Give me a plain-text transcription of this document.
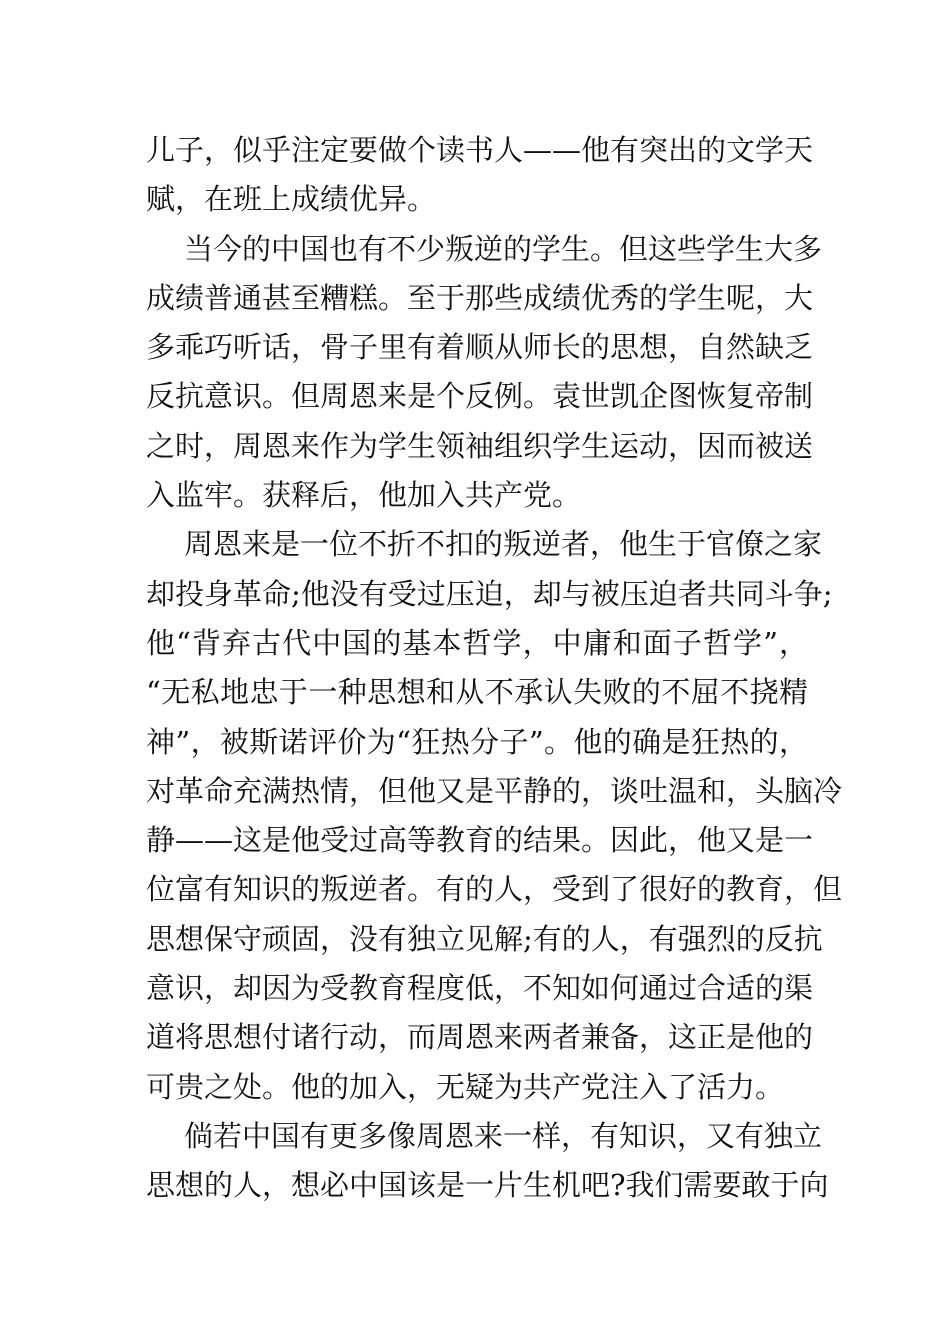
儿子，似乎注定要做个读书人——他有突出的文学天
赋，在班上成绩优异。

当今的中国也有不少叛逆的学生。但这些学生大多
成绩普通甚至糟糕。至于那些成绩优秀的学生呢，大
多乖巧听话，骨子里有着顺从师长的思想，自然缺乏
反抗意识。但周恩来是个反例。袁世凯企图恢复帝制
之时，周恩来作为学生领袖组织学生运动，因而被送
入监牢。获释后，他加入共产党。

周恩来是一位不折不扣的叛逆者，他生于官僚之家
却投身革命;他没有受过压迫，却与被压迫者共同斗争;
他“背弃古代中国的基本哲学，中庸和面子哲学”，
“无私地忠于一种思想和从不承认失败的不屈不挠精
神”，被斯诺评价为“狂热分子”。他的确是狂热的，
对革命充满热情，但他又是平静的，谈吐温和，头脑冷
静——这是他受过高等教育的结果。因此，他又是一
位富有知识的叛逆者。有的人，受到了很好的教育，但
思想保守顽固，没有独立见解;有的人，有强烈的反抗
意识，却因为受教育程度低，不知如何通过合适的渠
道将思想付诸行动，而周恩来两者兼备，这正是他的
可贵之处。他的加入，无疑为共产党注入了活力。

倘若中国有更多像周恩来一样，有知识，又有独立
思想的人，想必中国该是一片生机吧?我们需要敢于向
